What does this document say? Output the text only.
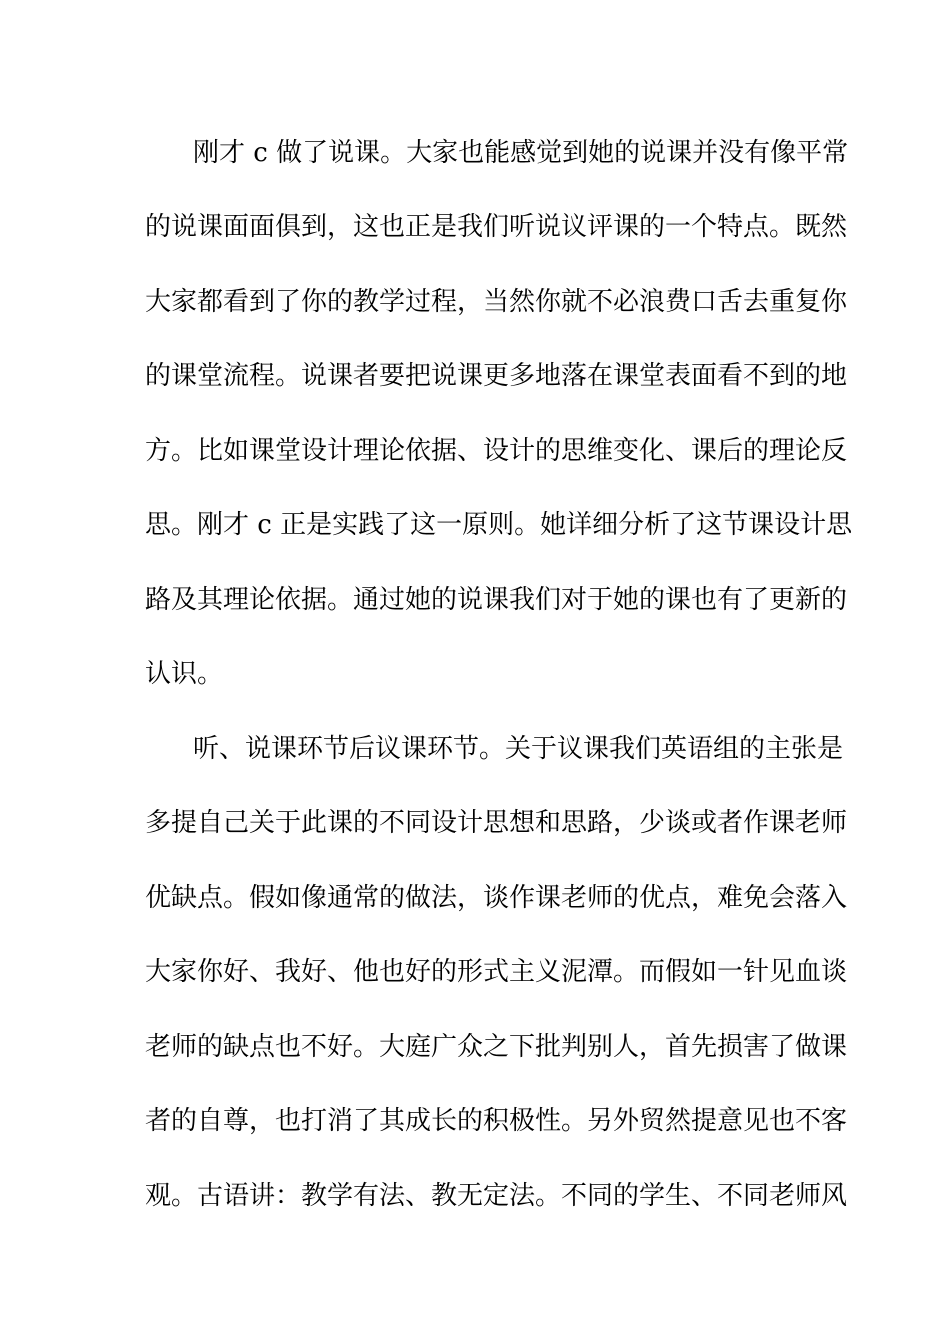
刚才 c 做了说课。大家也能感觉到她的说课并没有像平常
的说课面面俱到，这也正是我们听说议评课的一个特点。既然
大家都看到了你的教学过程，当然你就不必浪费口舌去重复你
的课堂流程。说课者要把说课更多地落在课堂表面看不到的地
方。比如课堂设计理论依据、设计的思维变化、课后的理论反
思。刚才 c 正是实践了这一原则。她详细分析了这节课设计思
路及其理论依据。通过她的说课我们对于她的课也有了更新的
认识。
听、说课环节后议课环节。关于议课我们英语组的主张是
多提自己关于此课的不同设计思想和思路，少谈或者作课老师
优缺点。假如像通常的做法，谈作课老师的优点，难免会落入
大家你好、我好、他也好的形式主义泥潭。而假如一针见血谈
老师的缺点也不好。大庭广众之下批判别人，首先损害了做课
者的自尊，也打消了其成长的积极性。另外贸然提意见也不客
观。古语讲：教学有法、教无定法。不同的学生、不同老师风
